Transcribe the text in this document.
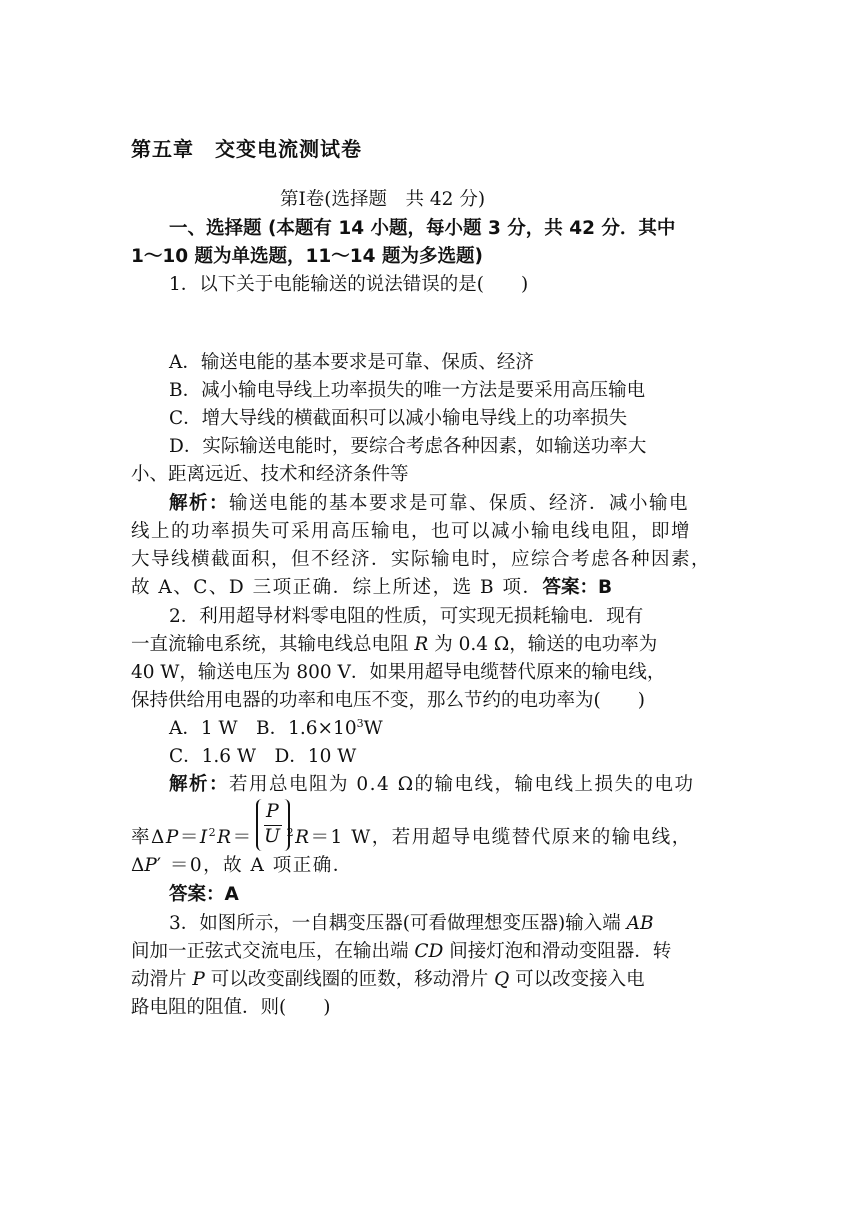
第五章　交变电流测试卷
第Ⅰ卷(选择题　共 42 分)
一、选择题 (本题有 14 小题，每小题 3 分，共 42 分．其中
1～10 题为单选题，11～14 题为多选题)
1．以下关于电能输送的说法错误的是(　　)
A．输送电能的基本要求是可靠、保质、经济
B．减小输电导线上功率损失的唯一方法是要采用高压输电
C．增大导线的横截面积可以减小输电导线上的功率损失
D．实际输送电能时，要综合考虑各种因素，如输送功率大
小、距离远近、技术和经济条件等
解析：输送电能的基本要求是可靠、保质、经济．减小输电
线上的功率损失可采用高压输电，也可以减小输电线电阻，即增
大导线横截面积，但不经济．实际输电时，应综合考虑各种因素，
故 A、C、D 三项正确．综上所述，选 B 项．答案：B
2．利用超导材料零电阻的性质，可实现无损耗输电．现有
一直流输电系统，其输电线总电阻 R 为 0.4 Ω，输送的电功率为
40 W，输送电压为 800 V．如果用超导电缆替代原来的输电线，
保持供给用电器的功率和电压不变，那么节约的电功率为(　　)
A．1 W　B．$1.6\times 10^3W$
C．1.6 W　D．10 W
解析：若用总电阻为 0.4 Ω的输电线，输电线上损失的电功
P
U
率$\Delta P=I^2R=$	$^2$R＝1 W，若用超导电缆替代原来的输电线，
ΔP′ ＝0，故 A 项正确．
答案：A
3．如图所示，一自耦变压器(可看做理想变压器)输入端 AB
间加一正弦式交流电压，在输出端 CD 间接灯泡和滑动变阻器．转
动滑片 P 可以改变副线圈的匝数，移动滑片 Q 可以改变接入电
路电阻的阻值．则(　　)
